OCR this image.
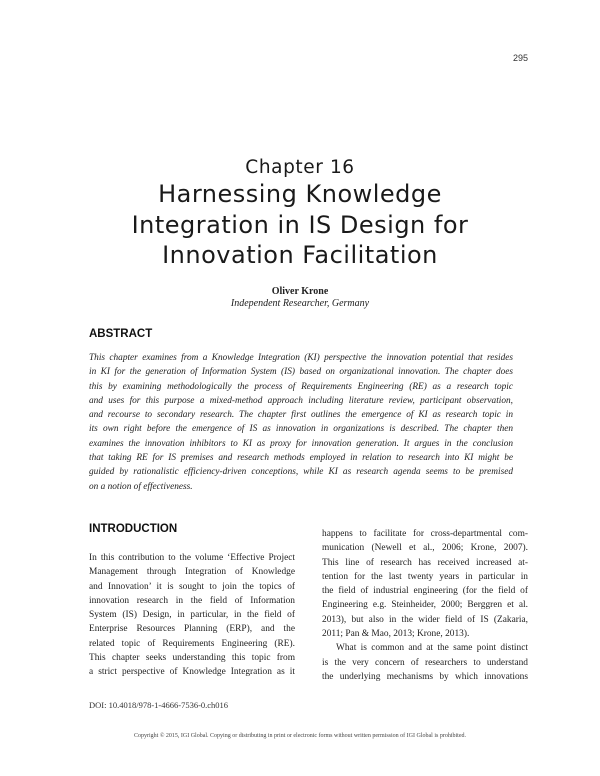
295
Chapter 16
Harnessing Knowledge
Integration in IS Design for
Innovation Facilitation
Oliver Krone
Independent Researcher, Germany
ABSTRACT
This chapter examines from a Knowledge Integration (KI) perspective the innovation potential that resides
in KI for the generation of Information System (IS) based on organizational innovation. The chapter does
this by examining methodologically the process of Requirements Engineering (RE) as a research topic
and uses for this purpose a mixed-method approach including literature review, participant observation,
and recourse to secondary research. The chapter first outlines the emergence of KI as research topic in
its own right before the emergence of IS as innovation in organizations is described. The chapter then
examines the innovation inhibitors to KI as proxy for innovation generation. It argues in the conclusion
that taking RE for IS premises and research methods employed in relation to research into KI might be
guided by rationalistic efficiency-driven conceptions, while KI as research agenda seems to be premised
on a notion of effectiveness.
INTRODUCTION
In this contribution to the volume ‘Effective Project
Management through Integration of Knowledge
and Innovation’ it is sought to join the topics of
innovation research in the field of Information
System (IS) Design, in particular, in the field of
Enterprise Resources Planning (ERP), and the
related topic of Requirements Engineering (RE).
This chapter seeks understanding this topic from
a strict perspective of Knowledge Integration as it
happens to facilitate for cross-departmental com-
munication (Newell et al., 2006; Krone, 2007).
This line of research has received increased at-
tention for the last twenty years in particular in
the field of industrial engineering (for the field of
Engineering e.g. Steinheider, 2000; Berggren et al.
2013), but also in the wider field of IS (Zakaria,
2011; Pan & Mao, 2013; Krone, 2013).
What is common and at the same point distinct
is the very concern of researchers to understand
the underlying mechanisms by which innovations
DOI: 10.4018/978-1-4666-7536-0.ch016
Copyright © 2015, IGI Global. Copying or distributing in print or electronic forms without written permission of IGI Global is prohibited.
